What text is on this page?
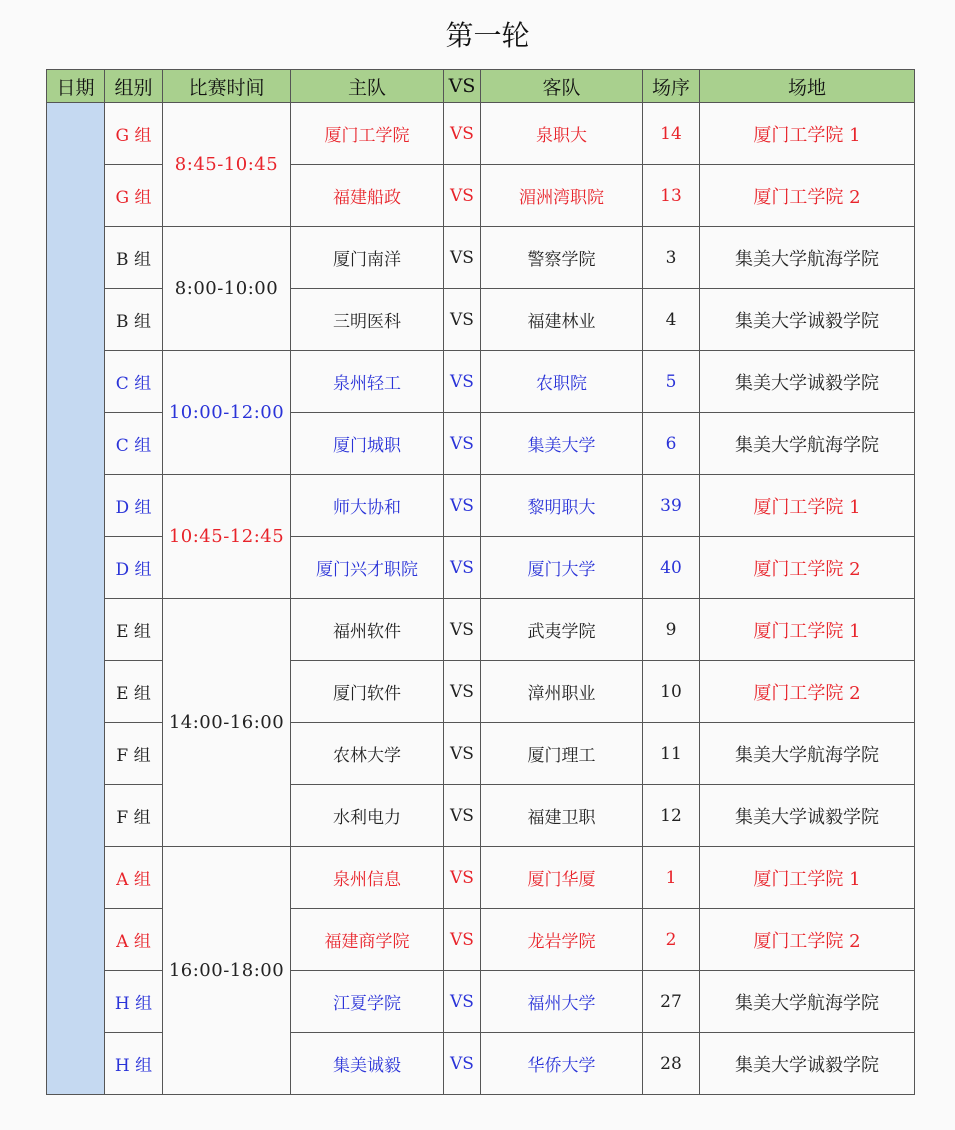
第一轮
日期	组别	比赛时间	主队	VS	客队	场序	场地
	G 组	8:45-10:45	厦门工学院	VS	泉职大	14	厦门工学院 1
	G 组		福建船政	VS	湄洲湾职院	13	厦门工学院 2
	B 组	8:00-10:00	厦门南洋	VS	警察学院	3	集美大学航海学院
	B 组		三明医科	VS	福建林业	4	集美大学诚毅学院
	C 组	10:00-12:00	泉州轻工	VS	农职院	5	集美大学诚毅学院
	C 组		厦门城职	VS	集美大学	6	集美大学航海学院
	D 组	10:45-12:45	师大协和	VS	黎明职大	39	厦门工学院 1
	D 组		厦门兴才职院	VS	厦门大学	40	厦门工学院 2
	E 组	14:00-16:00	福州软件	VS	武夷学院	9	厦门工学院 1
	E 组		厦门软件	VS	漳州职业	10	厦门工学院 2
	F 组		农林大学	VS	厦门理工	11	集美大学航海学院
	F 组		水利电力	VS	福建卫职	12	集美大学诚毅学院
	A 组	16:00-18:00	泉州信息	VS	厦门华厦	1	厦门工学院 1
	A 组		福建商学院	VS	龙岩学院	2	厦门工学院 2
	H 组		江夏学院	VS	福州大学	27	集美大学航海学院
	H 组		集美诚毅	VS	华侨大学	28	集美大学诚毅学院
